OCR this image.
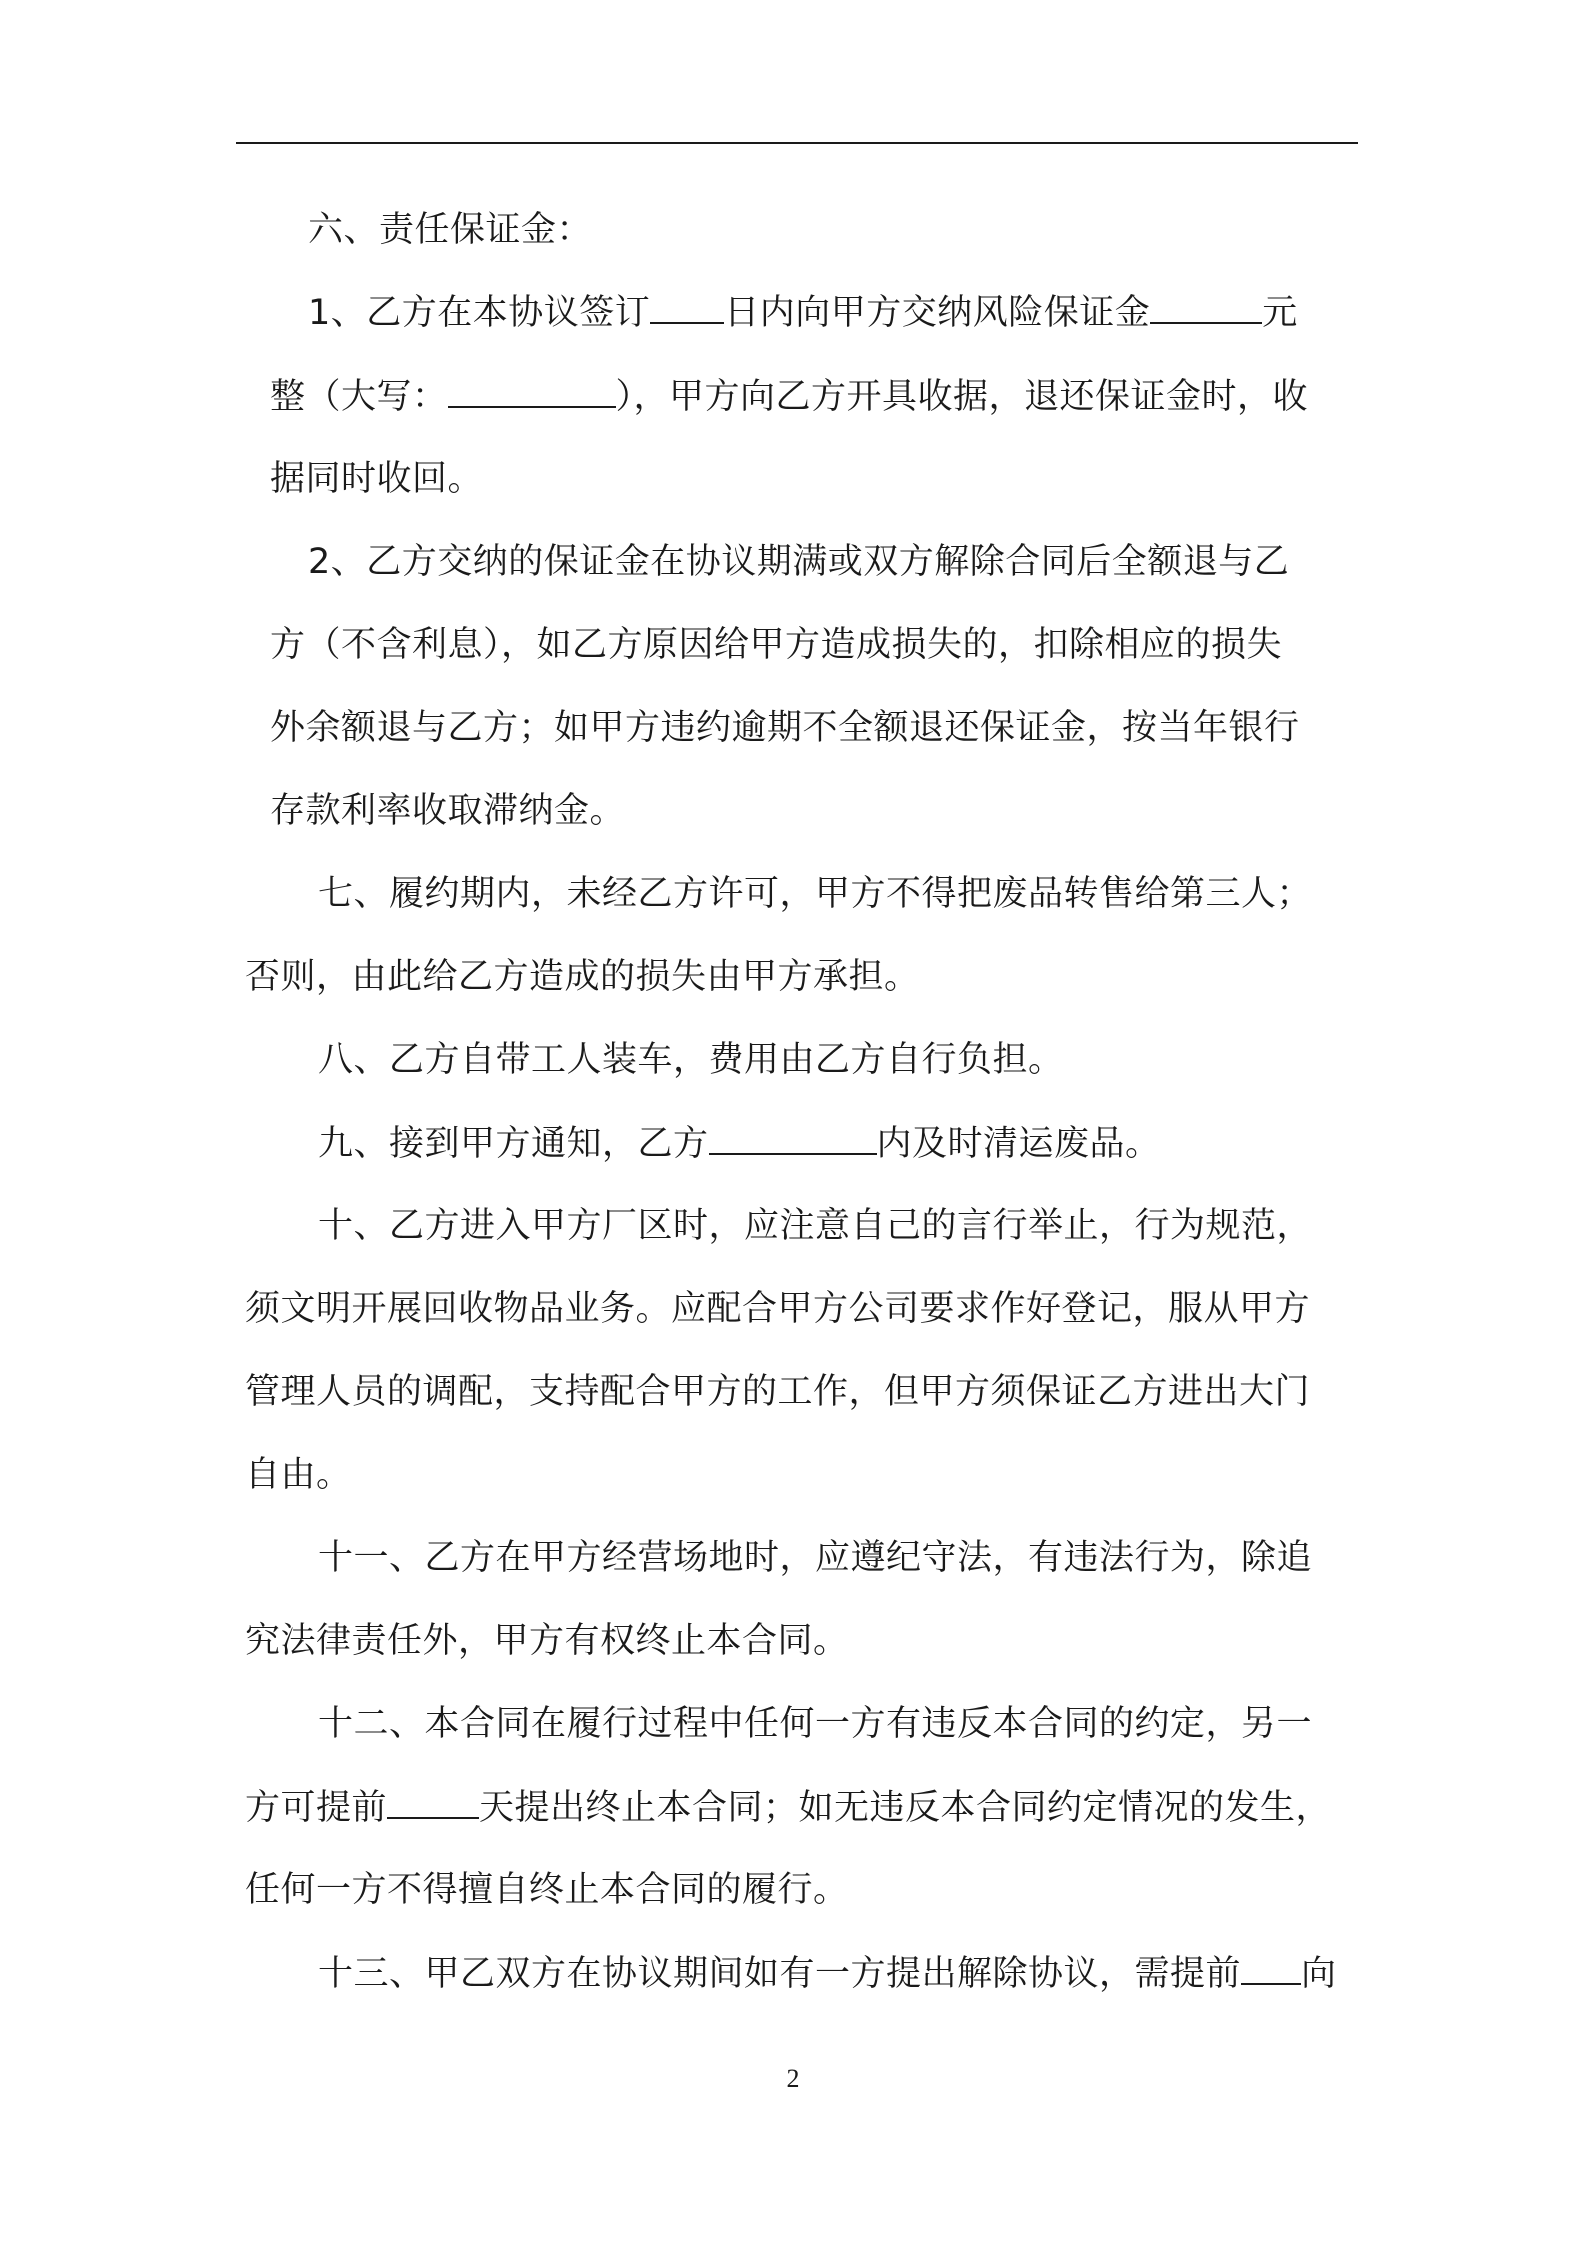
六、责任保证金：
1、乙方在本协议签订 日内向甲方交纳风险保证金	元
整（大写：	），甲方向乙方开具收据，退还保证金时，收
据同时收回。
2、乙方交纳的保证金在协议期满或双方解除合同后全额退与乙
方（不含利息），如乙方原因给甲方造成损失的，扣除相应的损失
外余额退与乙方；如甲方违约逾期不全额退还保证金，按当年银行
存款利率收取滞纳金。
七、履约期内，未经乙方许可，甲方不得把废品转售给第三人；
否则，由此给乙方造成的损失由甲方承担。
八、乙方自带工人装车，费用由乙方自行负担。
九、接到甲方通知，乙方	内及时清运废品。
十、乙方进入甲方厂区时，应注意自己的言行举止，行为规范，
须文明开展回收物品业务。应配合甲方公司要求作好登记，服从甲方
管理人员的调配，支持配合甲方的工作，但甲方须保证乙方进出大门
自由。
十一、乙方在甲方经营场地时，应遵纪守法，有违法行为，除追
究法律责任外，甲方有权终止本合同。
十二、本合同在履行过程中任何一方有违反本合同的约定，另一
方可提前	天提出终止本合同；如无违反本合同约定情况的发生，
任何一方不得擅自终止本合同的履行。
十三、甲乙双方在协议期间如有一方提出解除协议，需提前 向
2
